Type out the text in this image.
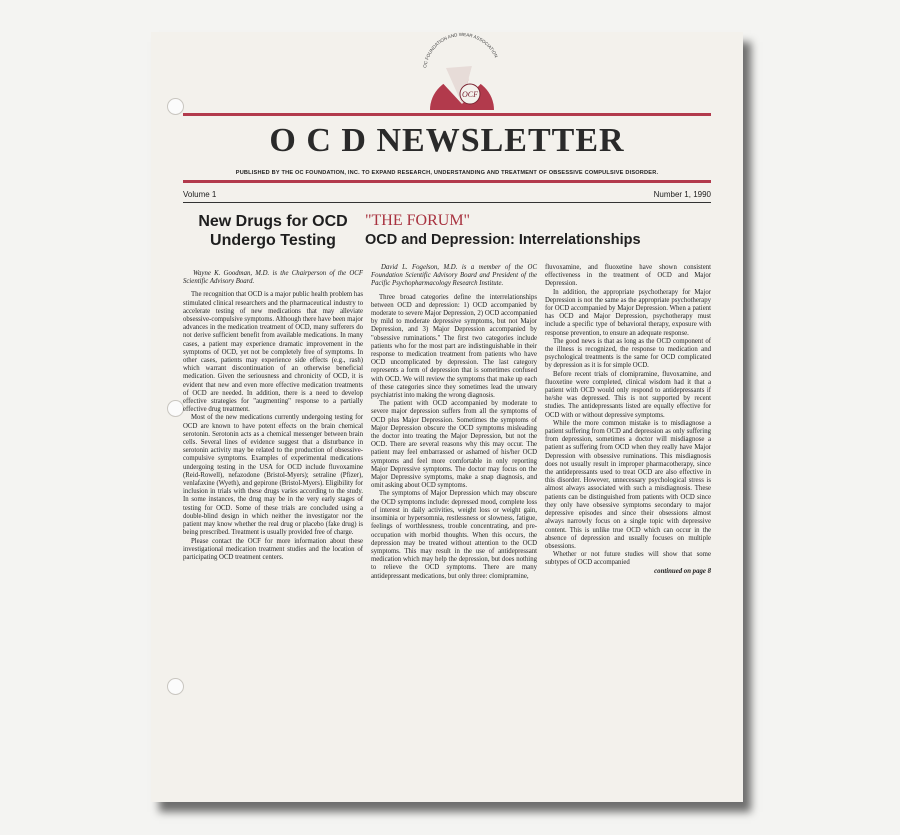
OCF
OC FOUNDATION AND WEAR ASSOCIATION
O C D NEWSLETTER
PUBLISHED BY THE OC FOUNDATION, INC. TO EXPAND RESEARCH, UNDERSTANDING AND TREATMENT OF OBSESSIVE COMPULSIVE DISORDER.
Volume 1	Number 1, 1990
New Drugs for OCD Undergo Testing

Wayne K. Goodman, M.D. is the Chairperson of the OCF Scientific Advisory Board.

The recognition that OCD is a major public health problem has stimulated clinical researchers and the pharmaceutical industry to accelerate testing of new medications that may alleviate obsessive-compulsive symptoms. Although there have been major advances in the medication treatment of OCD, many sufferers do not derive sufficient benefit from available medications. In many cases, a patient may experience dramatic improvement in the symptoms of OCD, yet not be completely free of symptoms. In other cases, patients may experience side effects (e.g., rash) which warrant discontinuation of an otherwise beneficial medication. Given the seriousness and chronicity of OCD, it is evident that new and even more effective medication treatments of OCD are needed. In addition, there is a need to develop effective strategies for "augmenting" response to a partially effective drug treatment.

Most of the new medications currently undergoing testing for OCD are known to have potent effects on the brain chemical serotonin. Serotonin acts as a chemical messenger between brain cells. Several lines of evidence suggest that a disturbance in serotonin activity may be related to the production of obsessive-compulsive symptoms. Examples of experimental medications undergoing testing in the USA for OCD include fluvoxamine (Reid-Rowell), nefazodone (Bristol-Myers); setraline (Pfizer), venlafaxine (Wyeth), and gepirone (Bristol-Myers). Eligibility for inclusion in trials with these drugs varies according to the study. In some instances, the drug may be in the very early stages of testing for OCD. Some of these trials are concluded using a double-blind design in which neither the investigator nor the patient may know whether the real drug or placebo (fake drug) is being prescribed. Treatment is usually provided free of charge.

Please contact the OCF for more information about these investigational medication treatment studies and the location of participating OCD treatment centers.

"THE FORUM"
OCD and Depression: Interrelationships

David L. Fogelson, M.D. is a member of the OC Foundation Scientific Advisory Board and President of the Pacific Psychopharmacology Research Institute.

Three broad categories define the interrelationships between OCD and depression: 1) OCD accompanied by moderate to severe Major Depression, 2) OCD accompanied by mild to moderate depressive symptoms, but not Major Depression, and 3) Major Depression accompanied by "obsessive ruminations." The first two categories include patients who for the most part are indistinguishable in their response to medication treatment from patients who have OCD uncomplicated by depression. The last category represents a form of depression that is sometimes confused with OCD. We will review the symptoms that make up each of these categories since they sometimes lead the unwary psychiatrist into making the wrong diagnosis.

The patient with OCD accompanied by moderate to severe major depression suffers from all the symptoms of OCD plus Major Depression. Sometimes the symptoms of Major Depression obscure the OCD symptoms misleading the doctor into treating the Major Depression, but not the OCD. There are several reasons why this may occur. The patient may feel embarrassed or ashamed of his/her OCD symptoms and feel more comfortable in only reporting Major Depressive symptoms. The doctor may focus on the Major Depressive symptoms, make a snap diagnosis, and omit asking about OCD symptoms.

The symptoms of Major Depression which may obscure the OCD symptoms include: depressed mood, complete loss of interest in daily activities, weight loss or weight gain, insominia or hypersomnia, restlessness or slowness, fatigue, feelings of worthlessness, trouble concentrating, and pre-occupation with morbid thoughts. When this occurs, the depression may be treated without attention to the OCD symptoms. This may result in the use of antidepressant medication which may help the depression, but does nothing to relieve the OCD symptoms. There are many antidepressant medications, but only three: clomipramine,

fluvoxamine, and fluoxetine have shown consistent effectiveness in the treatment of OCD and Major Depression.

In addition, the appropriate psychotherapy for Major Depression is not the same as the appropriate psychotherapy for OCD accompanied by Major Depression. When a patient has OCD and Major Depression, psychotherapy must include a specific type of behavioral therapy, exposure with response prevention, to ensure an adequate response.

The good news is that as long as the OCD component of the illness is recognized, the response to medication and psychological treatments is the same for OCD complicated by depression as it is for simple OCD.

Before recent trials of clomipramine, fluvoxamine, and fluoxetine were completed, clinical wisdom had it that a patient with OCD would only respond to antidepressants if he/she was depressed. This is not supported by recent studies. The antidepressants listed are equally effective for OCD with or without depressive symptoms.

While the more common mistake is to misdiagnose a patient suffering from OCD and depression as only suffering from depression, sometimes a doctor will misdiagnose a patient as suffering from OCD when they really have Major Depression with obsessive ruminations. This misdiagnosis does not usually result in improper pharmacotherapy, since the antidepressants used to treat OCD are also effective in this disorder. However, unnecessary psychological stress is almost always associated with such a misdiagnosis. These patients can be distinguished from patients with OCD since they only have obsessive symptoms secondary to major depressive episodes and since their obsessions almost always narrowly focus on a single topic with depressive content. This is unlike true OCD which can occur in the absence of depression and usually focuses on multiple obsessions.

Whether or not future studies will show that some subtypes of OCD accompanied

continued on page 8
